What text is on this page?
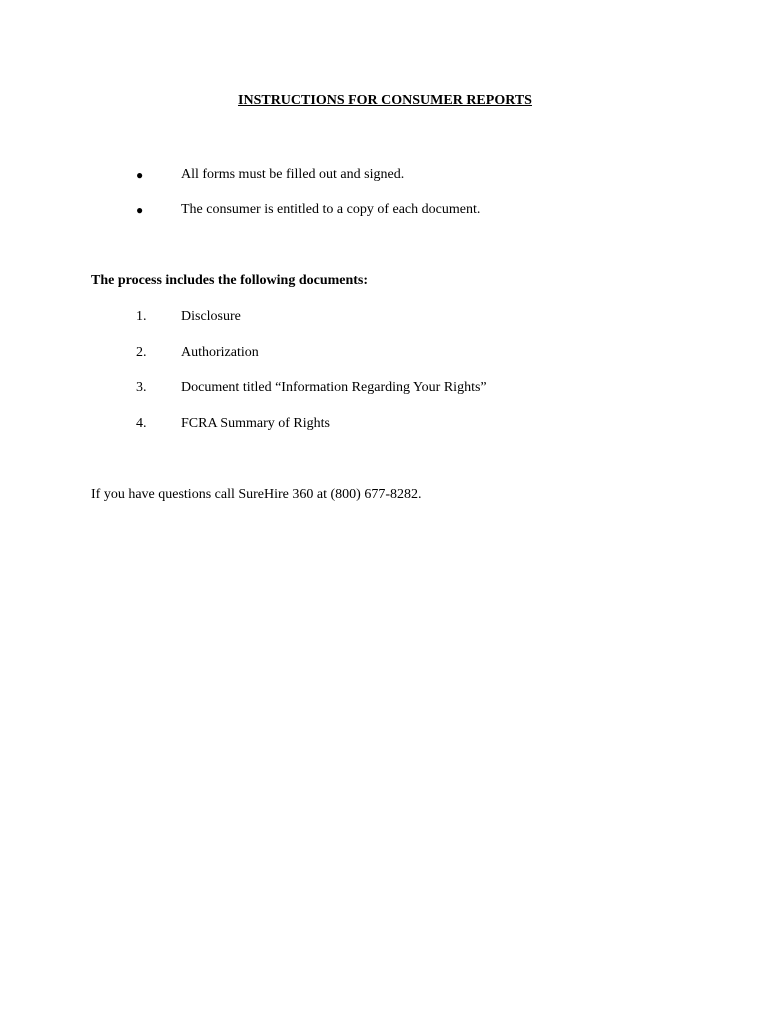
INSTRUCTIONS FOR CONSUMER REPORTS
●	All forms must be filled out and signed.
●	The consumer is entitled to a copy of each document.
The process includes the following documents:
1. Disclosure
2. Authorization
3. Document titled “Information Regarding Your Rights”
4. FCRA Summary of Rights
If you have questions call SureHire 360 at (800) 677-8282.
